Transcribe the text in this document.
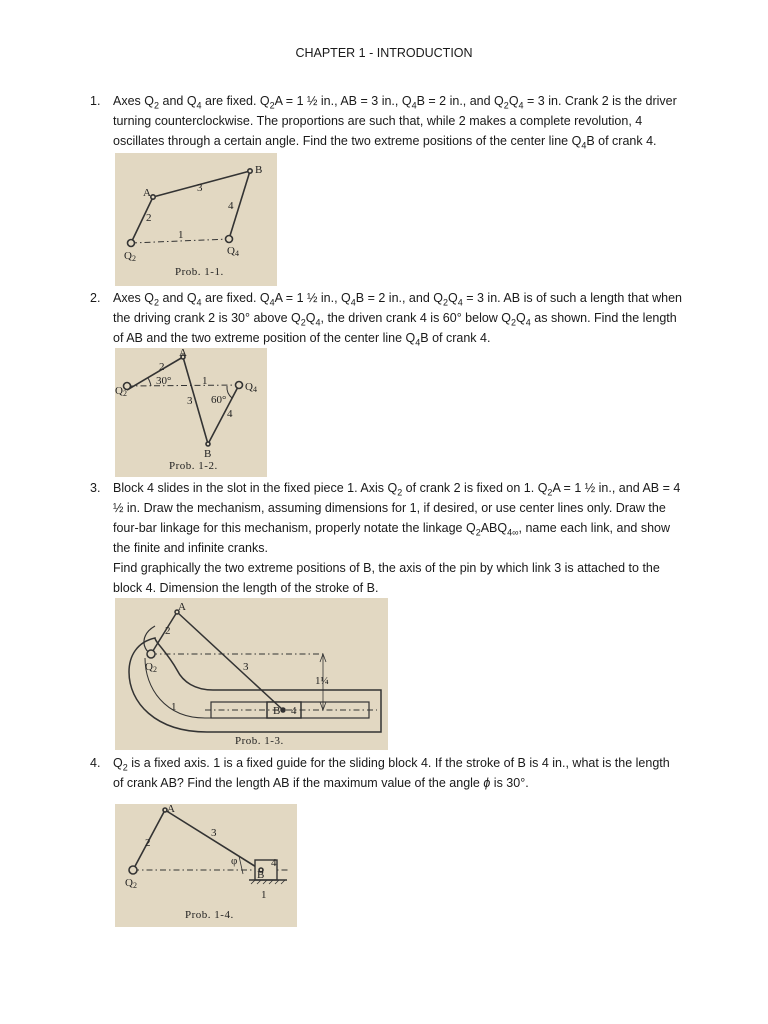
CHAPTER 1 - INTRODUCTION
1. Axes $Q_2$ and $Q_4$ are fixed. $Q_2A = 1$ ½ in., AB = 3 in., $Q_4B = 2$ in., and $Q_2Q_4 = 3$ in. Crank 2 is the driver turning counterclockwise. The proportions are such that, while 2 makes a complete revolution, 4 oscillates through a certain angle. Find the two extreme positions of the center line $Q_4B$ of crank 4.

A
B
2
3
4
1
Q2
Q4
Prob. 1-1.
2. Axes $Q_2$ and $Q_4$ are fixed. $Q_4A = 1$ ½ in., $Q_4B = 2$ in., and $Q_2Q_4 = 3$ in. AB is of such a length that when the driving crank 2 is 30° above $Q_2Q_4$, the driven crank 4 is 60° below $Q_2Q_4$ as shown. Find the length of AB and the two extreme position of the center line $Q_4B$ of crank 4.

A
B
2
3
4
1
30°
60°
Q2
Q4
Prob. 1-2.
3. Block 4 slides in the slot in the fixed piece 1. Axis $Q_2$ of crank 2 is fixed on 1. $Q_2A = 1$ ½ in., and AB = 4 ½ in. Draw the mechanism, assuming dimensions for 1, if desired, or use center lines only. Draw the four-bar linkage for this mechanism, properly notate the linkage $Q_2ABQ_{4\infty}$, name each link, and show the finite and infinite cranks.

Find graphically the two extreme positions of B, the axis of the pin by which link 3 is attached to the block 4. Dimension the length of the stroke of B.

A
B
2
3
4
1
1¼
Q2
Prob. 1-3.
4. $Q_2$ is a fixed axis. 1 is a fixed guide for the sliding block 4. If the stroke of B is 4 in., what is the length of crank AB? Find the length AB if the maximum value of the angle ϕ is 30°.

A
B
2
3
4
1
φ
Q2
Prob. 1-4.
